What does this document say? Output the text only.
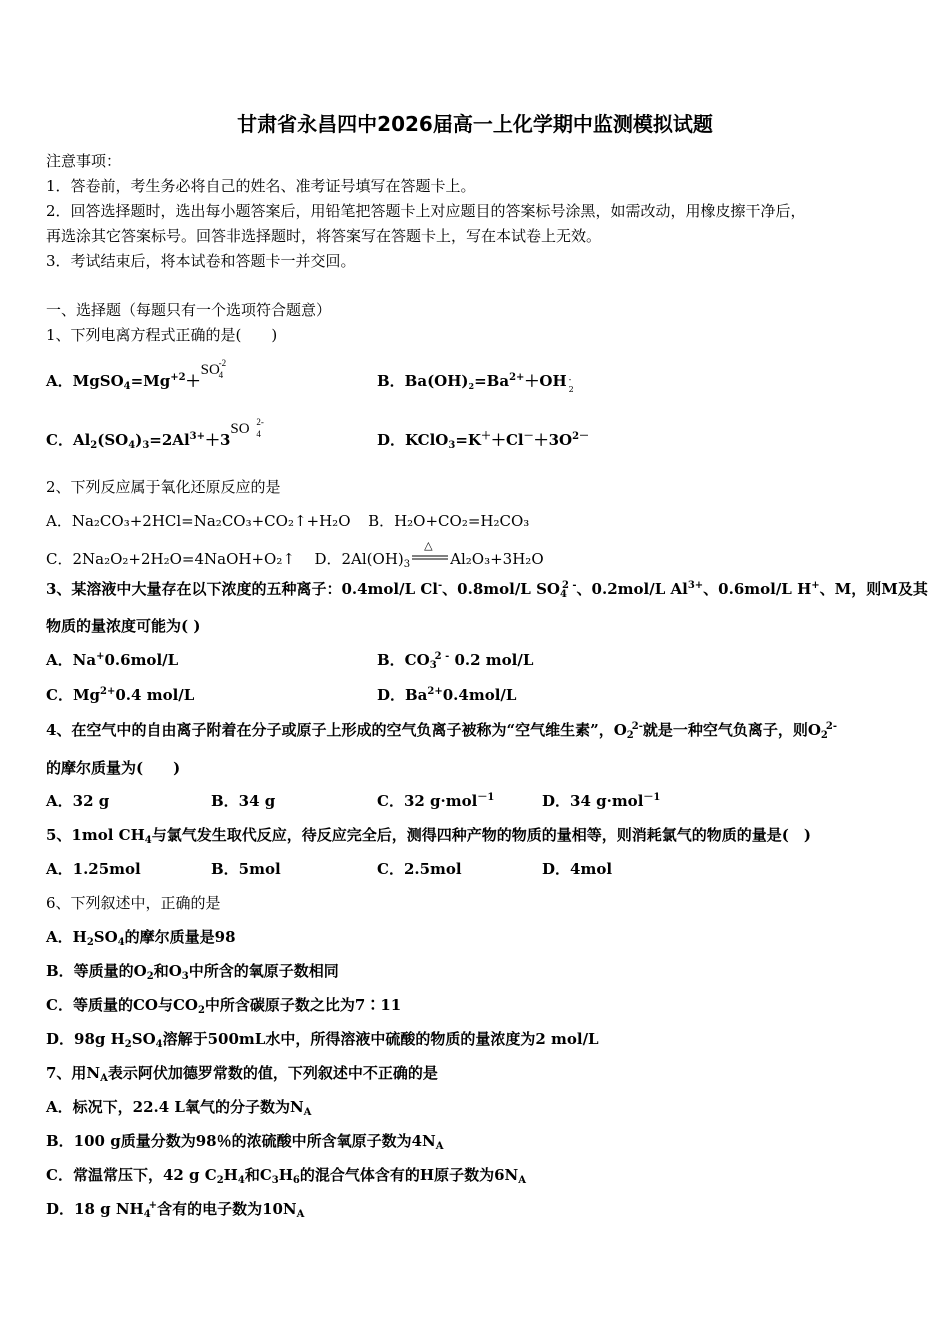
甘肃省永昌四中2026届高一上化学期中监测模拟试题
注意事项：
1．答卷前，考生务必将自己的姓名、准考证号填写在答题卡上。
2．回答选择题时，选出每小题答案后，用铅笔把答题卡上对应题目的答案标号涂黑，如需改动，用橡皮擦干净后，
再选涂其它答案标号。回答非选择题时，将答案写在答题卡上，写在本试卷上无效。
3．考试结束后，将本试卷和答题卡一并交回。
一、选择题（每题只有一个选项符合题意）
1、下列电离方程式正确的是(　　)
A．$MgSO_4=Mg^{+2}+SO$
-2
4	B．$Ba(OH)_2=Ba^{2+}+OH$ -
2
C．$Al_2(SO_4)_3=2Al^{3+}+3SO$ 2-
4	D．$KClO_3=K^++Cl^-+3O^{2-}$
2、下列反应属于氧化还原反应的是
A．Na₂CO₃+2HCl=Na₂CO₃+CO₂↑+H₂O B．H₂O+CO₂=H₂CO₃
C．2Na₂O₂+2H₂O=4NaOH+O₂↑ D．$2Al(OH)_3$
△
Al₂O₃+3H₂O
3、某溶液中大量存在以下浓度的五种离子：0.4mol/L Cl-、0.8mol/L $SO_4^{2 -}$、0.2mol/L $Al^{3+}$、0.6mol/L H+、M，则M及其
物质的量浓度可能为( )
A．Na+0.6mol/L	B．$CO_3^{2 -}$ 0.2 mol/L
C．$Mg^{2+}0.4$ mol/L	D．$Ba^{2+}0.4mol/L$
4、在空气中的自由离子附着在分子或原子上形成的空气负离子被称为“空气维生素”，$O_2^{2-}$就是一种空气负离子，则$O_2^{2-}$
的摩尔质量为(　　)
A．32 g	B．34 g	C．32 g·mol$^{-1}$	D．34 g·mol$^{-1}$
5、1mol $CH_4$与氯气发生取代反应，待反应完全后，测得四种产物的物质的量相等，则消耗氯气的物质的量是(　)
A．1.25mol	B．5mol	C．2.5mol	D．4mol
6、下列叙述中，正确的是
A．$H_2SO_4$的摩尔质量是98
B．等质量的$O_2$和$O_3$中所含的氧原子数相同
C．等质量的CO与$CO_2$中所含碳原子数之比为7∶11
D．98g $H_2SO_4$溶解于500mL水中，所得溶液中硫酸的物质的量浓度为2 mol/L
7、用$N_A$表示阿伏加德罗常数的值，下列叙述中不正确的是
A．标况下，22.4 L氧气的分子数为$N_A$
B．100 g质量分数为98％的浓硫酸中所含氧原子数为$4N_A$
C．常温常压下，42 g $C_2H_4$和$C_3H_6$的混合气体含有的H原子数为$6N_A$
D．18 g $NH_4^+$含有的电子数为$10N_A$
